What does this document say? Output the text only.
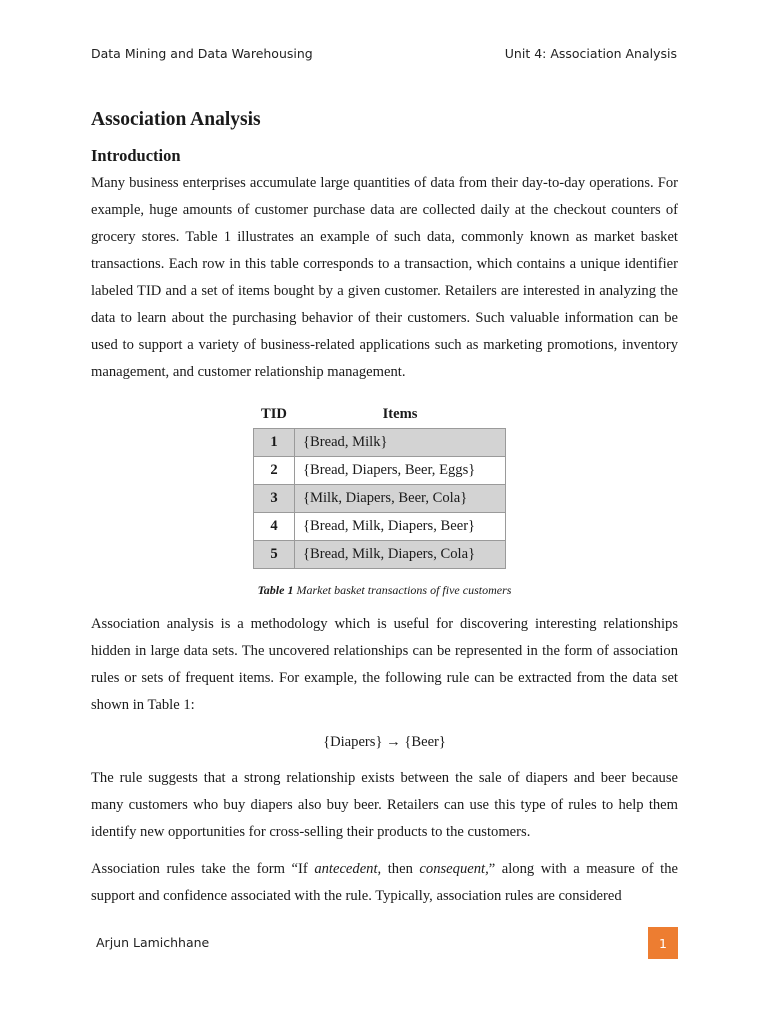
Data Mining and Data Warehousing	Unit 4: Association Analysis
Association Analysis
Introduction

Many business enterprises accumulate large quantities of data from their day-to-day operations. For example, huge amounts of customer purchase data are collected daily at the checkout counters of grocery stores. Table 1 illustrates an example of such data, commonly known as market basket transactions. Each row in this table corresponds to a transaction, which contains a unique identifier labeled TID and a set of items bought by a given customer. Retailers are interested in analyzing the data to learn about the purchasing behavior of their customers. Such valuable information can be used to support a variety of business-related applications such as marketing promotions, inventory management, and customer relationship management.

TID	Items
1	{Bread, Milk}
2	{Bread, Diapers, Beer, Eggs}
3	{Milk, Diapers, Beer, Cola}
4	{Bread, Milk, Diapers, Beer}
5	{Bread, Milk, Diapers, Cola}
Table 1 Market basket transactions of five customers

Association analysis is a methodology which is useful for discovering interesting relationships hidden in large data sets. The uncovered relationships can be represented in the form of association rules or sets of frequent items. For example, the following rule can be extracted from the data set shown in Table 1:

{Diapers} → {Beer}

The rule suggests that a strong relationship exists between the sale of diapers and beer because many customers who buy diapers also buy beer. Retailers can use this type of rules to help them identify new opportunities for cross-selling their products to the customers.

Association rules take the form “If antecedent, then consequent,” along with a measure of the support and confidence associated with the rule. Typically, association rules are considered

Arjun Lamichhane	1
